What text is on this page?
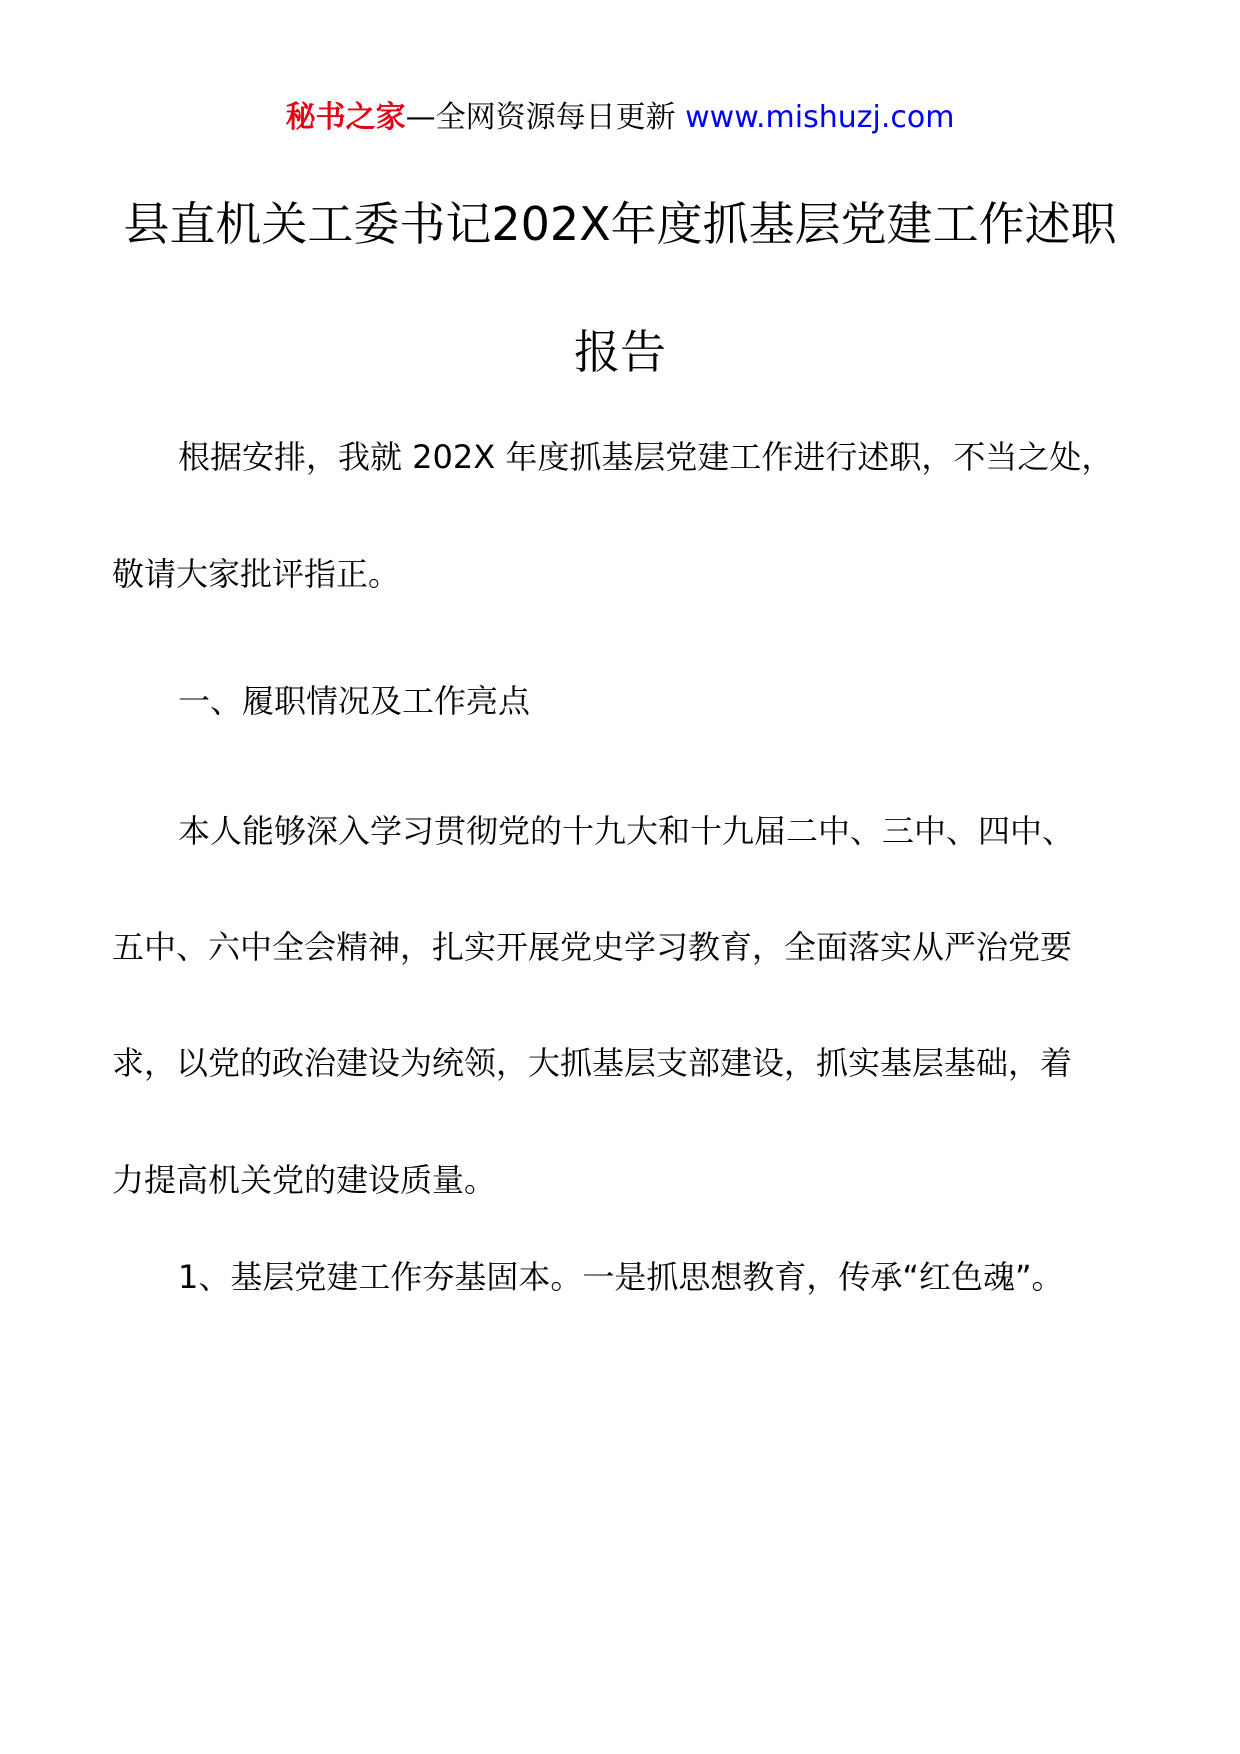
秘书之家—全网资源每日更新 www.mishuzj.com
县直机关工委书记202X年度抓基层党建工作述职
报告
根据安排，我就 202X 年度抓基层党建工作进行述职，不当之处，
敬请大家批评指正。
一、履职情况及工作亮点
本人能够深入学习贯彻党的十九大和十九届二中、三中、四中、
五中、六中全会精神，扎实开展党史学习教育，全面落实从严治党要
求，以党的政治建设为统领，大抓基层支部建设，抓实基层基础，着
力提高机关党的建设质量。
1、基层党建工作夯基固本。一是抓思想教育，传承“红色魂”。
